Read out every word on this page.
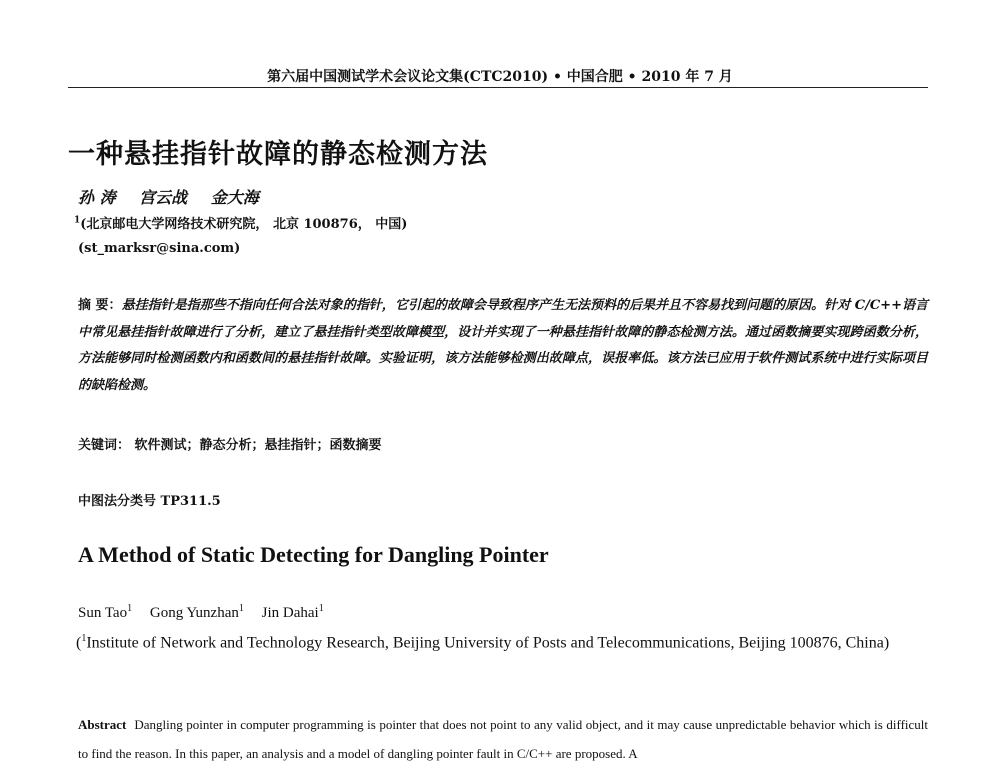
第六届中国测试学术会议论文集(CTC2010) • 中国合肥 • 2010 年 7 月
一种悬挂指针故障的静态检测方法
孙 涛 宫云战 金大海
$^1$(北京邮电大学网络技术研究院， 北京 100876， 中国)
(st_marksr@sina.com)
摘 要：悬挂指针是指那些不指向任何合法对象的指针，它引起的故障会导致程序产生无法预料的后果并且不容易找到问题的原因。针对 C/C++语言中常见悬挂指针故障进行了分析，建立了悬挂指针类型故障模型，设计并实现了一种悬挂指针故障的静态检测方法。通过函数摘要实现跨函数分析，方法能够同时检测函数内和函数间的悬挂指针故障。实验证明，该方法能够检测出故障点，误报率低。该方法已应用于软件测试系统中进行实际项目的缺陷检测。
关键词： 软件测试；静态分析；悬挂指针；函数摘要
中图法分类号 TP311.5
A Method of Static Detecting for Dangling Pointer
Sun Tao$^1$ Gong Yunzhan$^1$ Jin Dahai$^1$
($^1$Institute of Network and Technology Research, Beijing University of Posts and Telecommunications, Beijing 100876, China)
Abstract Dangling pointer in computer programming is pointer that does not point to any valid object, and it may cause unpredictable behavior which is difficult to find the reason. In this paper, an analysis and a model of dangling pointer fault in C/C++ are proposed. A
